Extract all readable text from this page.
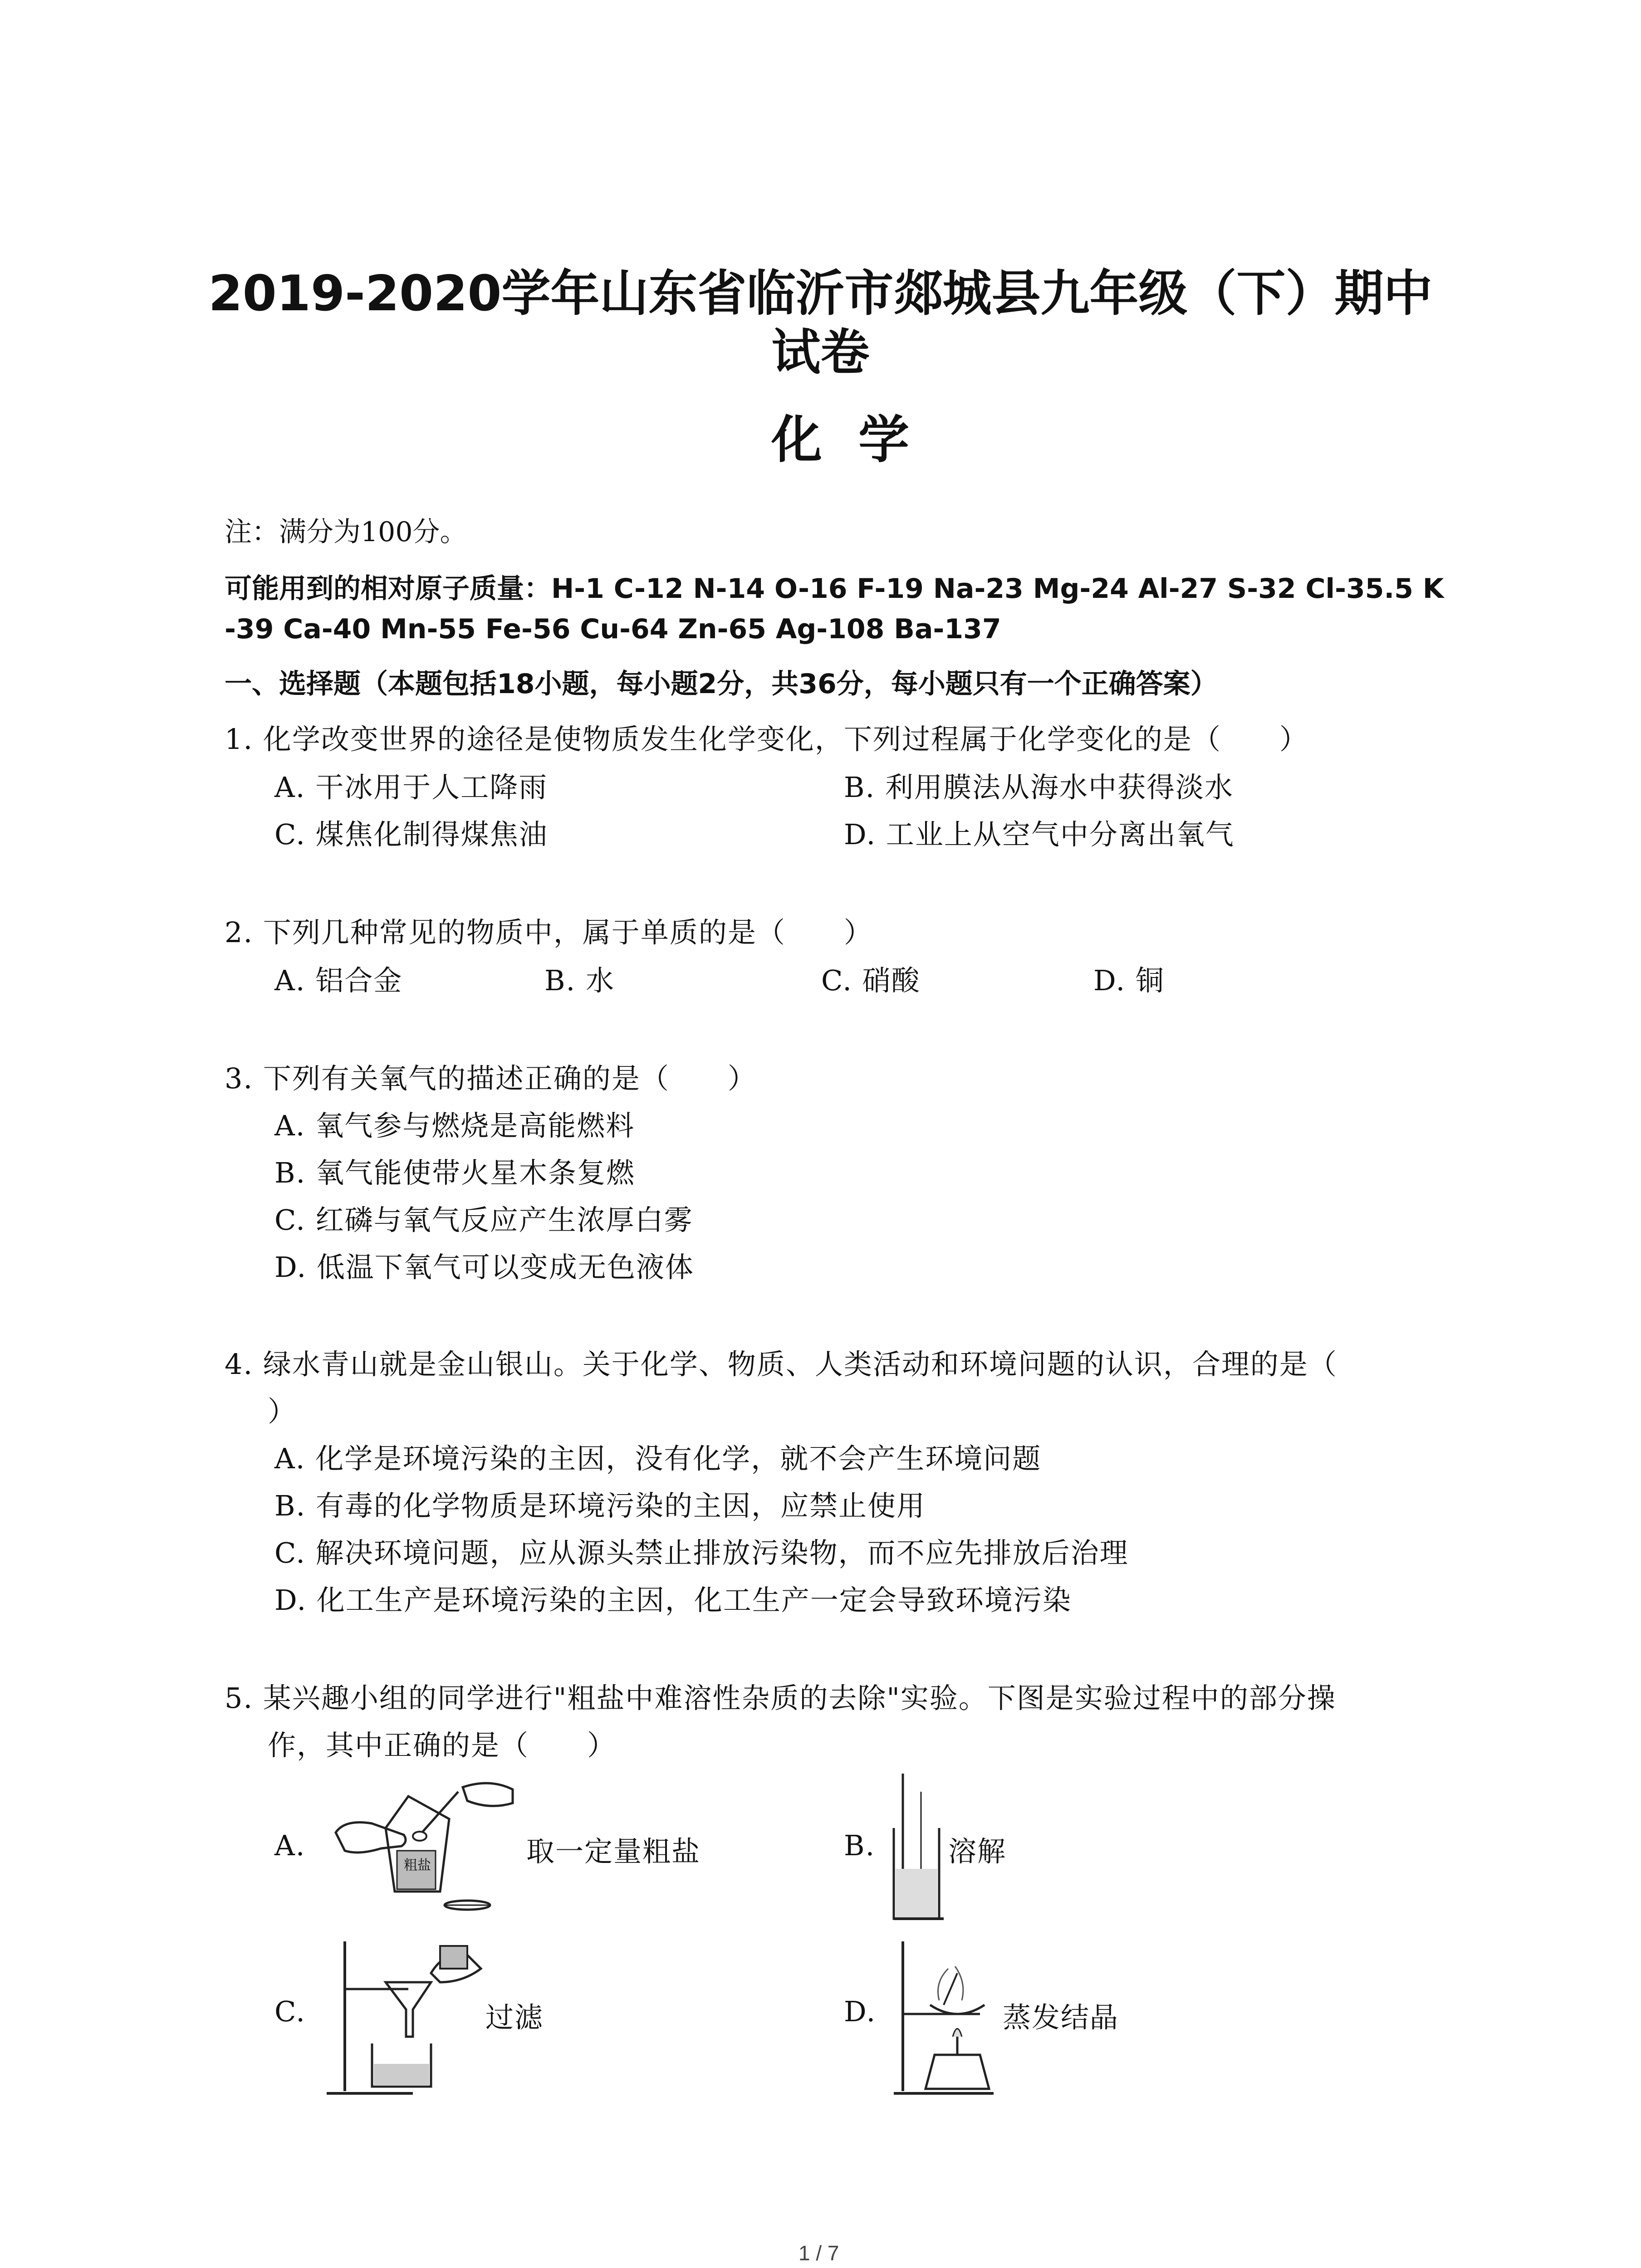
2019-2020学年山东省临沂市郯城县九年级（下）期中
试卷
化学
注：满分为100分。
可能用到的相对原子质量：H-1 C-12 N-14 O-16 F-19 Na-23 Mg-24 Al-27 S-32 Cl-35.5 K
-39 Ca-40 Mn-55 Fe-56 Cu-64 Zn-65 Ag-108 Ba-137
一、选择题（本题包括18小题，每小题2分，共36分，每小题只有一个正确答案）
1. 化学改变世界的途径是使物质发生化学变化，下列过程属于化学变化的是（　　）
A. 干冰用于人工降雨	B. 利用膜法从海水中获得淡水
C. 煤焦化制得煤焦油	D. 工业上从空气中分离出氧气
2. 下列几种常见的物质中，属于单质的是（　　）
A. 铝合金	B. 水	C. 硝酸	D. 铜
3. 下列有关氧气的描述正确的是（　　）
A. 氧气参与燃烧是高能燃料
B. 氧气能使带火星木条复燃
C. 红磷与氧气反应产生浓厚白雾
D. 低温下氧气可以变成无色液体
4. 绿水青山就是金山银山。关于化学、物质、人类活动和环境问题的认识，合理的是（
）
A. 化学是环境污染的主因，没有化学，就不会产生环境问题
B. 有毒的化学物质是环境污染的主因，应禁止使用
C. 解决环境问题，应从源头禁止排放污染物，而不应先排放后治理
D. 化工生产是环境污染的主因，化工生产一定会导致环境污染
5. 某兴趣小组的同学进行"粗盐中难溶性杂质的去除"实验。下图是实验过程中的部分操
作，其中正确的是（　　）
A.
粗盐	取一定量粗盐	B.	溶解
C.	过滤	D.	蒸发结晶
1 / 7
